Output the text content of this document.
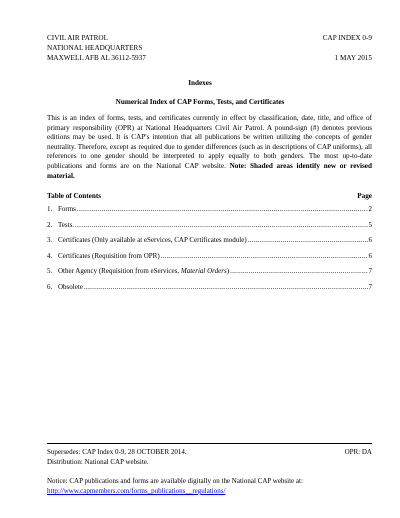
CIVIL AIR PATROL
NATIONAL HEADQUARTERS
MAXWELL AFB AL 36112-5937
CAP INDEX 0-9

1 MAY 2015
Indexes
Numerical Index of CAP Forms, Tests, and Certificates
This is an index of forms, tests, and certificates currently in effect by classification, date, title, and office of primary responsibility (OPR) at National Headquarters Civil Air Patrol. A pound-sign (#) denotes previous editions may be used. It is CAP's intention that all publications be written utilizing the concepts of gender neutrality. Therefore, except as required due to gender differences (such as in descriptions of CAP uniforms), all references to one gender should be interpreted to apply equally to both genders. The most up-to-date publications and forms are on the National CAP website. Note: Shaded areas identify new or revised material.
Table of Contents	Page
1. Forms .....	2
2. Tests. .....	5
3. Certificates (Only available at eServices, CAP Certificates module) .....	6
4. Certificates (Requisition from OPR) .....	6
5. Other Agency (Requisition from eServices, Material Orders) .....	7
6. Obsolete .....	7
Supersedes: CAP Index 0-9, 28 OCTOBER 2014.	OPR: DA
Distribution: National CAP website.
Notice: CAP publications and forms are available digitally on the National CAP website at:
http://www.capmembers.com/forms_publications__regulations/
